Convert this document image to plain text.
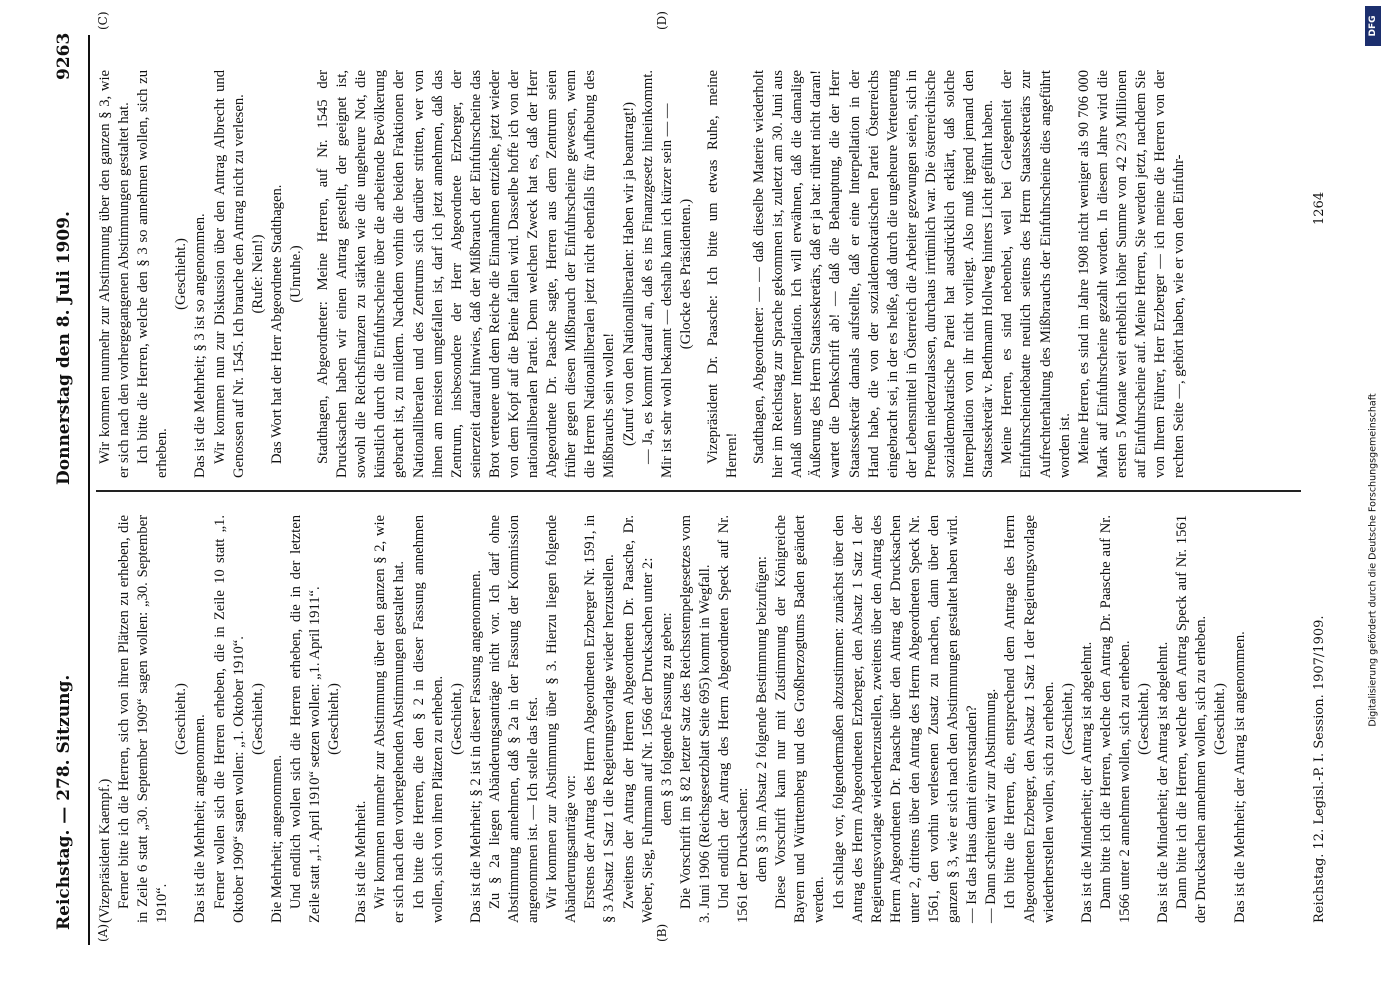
Reichstag. — 278. Sitzung.
Donnerstag den 8. Juli 1909.
9263
(A)	(B)
(C)	(D)

(Vizepräsident Kaempf.) Ferner bitte ich die Herren, sich von ihren Plätzen zu erheben, die in Zeile 6 statt „30. September 1909“ sagen wollen: „30. September 1910“.

(Geschieht.) Das ist die Mehrheit; angenommen. Ferner wollen sich die Herren erheben, die in Zeile 10 statt „1. Oktober 1909“ sagen wollen: „1. Oktober 1910“. (Geschieht.)

Die Mehrheit; angenommen. Und endlich wollen sich die Herren erheben, die in der letzten Zeile statt „1. April 1910“ setzen wollen: „1. April 1911“. (Geschieht.)

Das ist die Mehrheit. Wir kommen nunmehr zur Abstimmung über den ganzen § 2, wie er sich nach den vorhergehenden Abstimmungen gestaltet hat. Ich bitte die Herren, die den § 2 in dieser Fassung annehmen wollen, sich von ihren Plätzen zu erheben. (Geschieht.) Das ist die Mehrheit; § 2 ist in dieser Fassung angenommen. Zu § 2a liegen Abänderungsanträge nicht vor. Ich darf ohne Abstimmung annehmen, daß § 2a in der Fassung der Kommission angenommen ist. — Ich stelle das fest. Wir kommen zur Abstimmung über § 3. Hierzu liegen folgende Abänderungsanträge vor: Erstens der Antrag des Herrn Abgeordneten Erzberger Nr. 1591, in § 3 Absatz 1 Satz 1 die Regierungsvorlage wieder herzustellen. Zweitens der Antrag der Herren Abgeordneten Dr. Paasche, Dr. Weber, Sieg, Fuhrmann auf Nr. 1566 der Drucksachen unter 2: dem § 3 folgende Fassung zu geben: Die Vorschrift im § 82 letzter Satz des Reichsstempelgesetzes vom 3. Juni 1906 (Reichsgesetzblatt Seite 695) kommt in Wegfall. Und endlich der Antrag des Herrn Abgeordneten Speck auf Nr. 1561 der Drucksachen: dem § 3 im Absatz 2 folgende Bestimmung beizufügen: Diese Vorschrift kann nur mit Zustimmung der Königreiche Bayern und Württemberg und des Großherzogtums Baden geändert werden. Ich schlage vor, folgendermaßen abzustimmen: zunächst über den Antrag des Herrn Abgeordneten Erzberger, den Absatz 1 Satz 1 der Regierungsvorlage wiederherzustellen, zweitens über den Antrag des Herrn Abgeordneten Dr. Paasche über den Antrag der Drucksachen unter 2, drittens über den Antrag des Herrn Abgeordneten Speck Nr. 1561, den vorhin verlesenen Zusatz zu machen, dann über den ganzen § 3, wie er sich nach den Abstimmungen gestaltet haben wird. — Ist das Haus damit einverstanden? — Dann schreiten wir zur Abstimmung. Ich bitte die Herren, die, entsprechend dem Antrage des Herrn Abgeordneten Erzberger, den Absatz 1 Satz 1 der Regierungsvorlage wiederherstellen wollen, sich zu erheben. (Geschieht.) Das ist die Minderheit; der Antrag ist abgelehnt. Dann bitte ich die Herren, welche den Antrag Dr. Paasche auf Nr. 1566 unter 2 annehmen wollen, sich zu erheben. (Geschieht.) Das ist die Minderheit; der Antrag ist abgelehnt. Dann bitte ich die Herren, welche den Antrag Speck auf Nr. 1561 der Drucksachen annehmen wollen, sich zu erheben. (Geschieht.) Das ist die Mehrheit; der Antrag ist angenommen.

Wir kommen nunmehr zur Abstimmung über den ganzen § 3, wie er sich nach den vorhergegangenen Abstimmungen gestaltet hat. Ich bitte die Herren, welche den § 3 so annehmen wollen, sich zu erheben.

(Geschieht.) Das ist die Mehrheit; § 3 ist so angenommen. Wir kommen nun zur Diskussion über den Antrag Albrecht und Genossen auf Nr. 1545. Ich brauche den Antrag nicht zu verlesen. (Rufe: Nein!) Das Wort hat der Herr Abgeordnete Stadthagen. (Unruhe.) Stadthagen, Abgeordneter: Meine Herren, auf Nr. 1545 der Drucksachen haben wir einen Antrag gestellt, der geeignet ist, sowohl die Reichsfinanzen zu stärken wie die ungeheure Not, die künstlich durch die Einfuhrscheine über die arbeitende Bevölkerung gebracht ist, zu mildern. Nachdem vorhin die beiden Fraktionen der Nationalliberalen und des Zentrums sich darüber stritten, wer von ihnen am meisten umgefallen ist, darf ich jetzt annehmen, daß das Zentrum, insbesondere der Herr Abgeordnete Erzberger, der seinerzeit darauf hinwies, daß der Mißbrauch der Einfuhrscheine das Brot verteuere und dem Reiche die Einnahmen entziehe, jetzt wieder von dem Kopf auf die Beine fallen wird. Dasselbe hoffe ich von der nationalliberalen Partei. Denn welchen Zweck hat es, daß der Herr Abgeordnete Dr. Paasche sagte, Herren aus dem Zentrum seien früher gegen diesen Mißbrauch der Einfuhrscheine gewesen, wenn die Herren Nationalliberalen jetzt nicht ebenfalls für Aufhebung des Mißbrauchs sein wollen! (Zuruf von den Nationalliberalen: Haben wir ja beantragt!) — Ja, es kommt darauf an, daß es ins Finanzgesetz hineinkommt. Mir ist sehr wohl bekannt — deshalb kann ich kürzer sein — — (Glocke des Präsidenten.) Vizepräsident Dr. Paasche: Ich bitte um etwas Ruhe, meine Herren! Stadthagen, Abgeordneter: — — daß dieselbe Materie wiederholt hier im Reichstag zur Sprache gekommen ist, zuletzt am 30. Juni aus Anlaß unserer Interpellation. Ich will erwähnen, daß die damalige Äußerung des Herrn Staatssekretärs, daß er ja bat: rühret nicht daran! wartet die Denkschrift ab! — daß die Behauptung, die der Herr Staatssekretär damals aufstellte, daß er eine Interpellation in der Hand habe, die von der sozialdemokratischen Partei Österreichs eingebracht sei, in der es heiße, daß durch die ungeheure Verteuerung der Lebensmittel in Österreich die Arbeiter gezwungen seien, sich in Preußen niederzulassen, durchaus irrtümlich war. Die österreichische sozialdemokratische Partei hat ausdrücklich erklärt, daß solche Interpellation von ihr nicht vorliegt. Also muß irgend jemand den Staatssekretär v. Bethmann Hollweg hinters Licht geführt haben. Meine Herren, es sind nebenbei, weil bei Gelegenheit der Einfuhrscheindebatte neulich seitens des Herrn Staatssekretärs zur Aufrechterhaltung des Mißbrauchs der Einfuhrscheine dies angeführt worden ist. Meine Herren, es sind im Jahre 1908 nicht weniger als 90 706 000 Mark auf Einfuhrscheine gezahlt worden. In diesem Jahre wird die ersten 5 Monate weit erheblich höher Summe von 42 2/3 Millionen auf Einfuhrscheine auf. Meine Herren, Sie werden jetzt, nachdem Sie von Ihrem Führer, Herr Erzberger — ich meine die Herren von der rechten Seite —, gehört haben, wie er von den Einfuhr-

Reichstag. 12. Legisl.-P. I. Session. 1907/1909.
1264
DFG
Digitalisierung gefördert durch die Deutsche Forschungsgemeinschaft
